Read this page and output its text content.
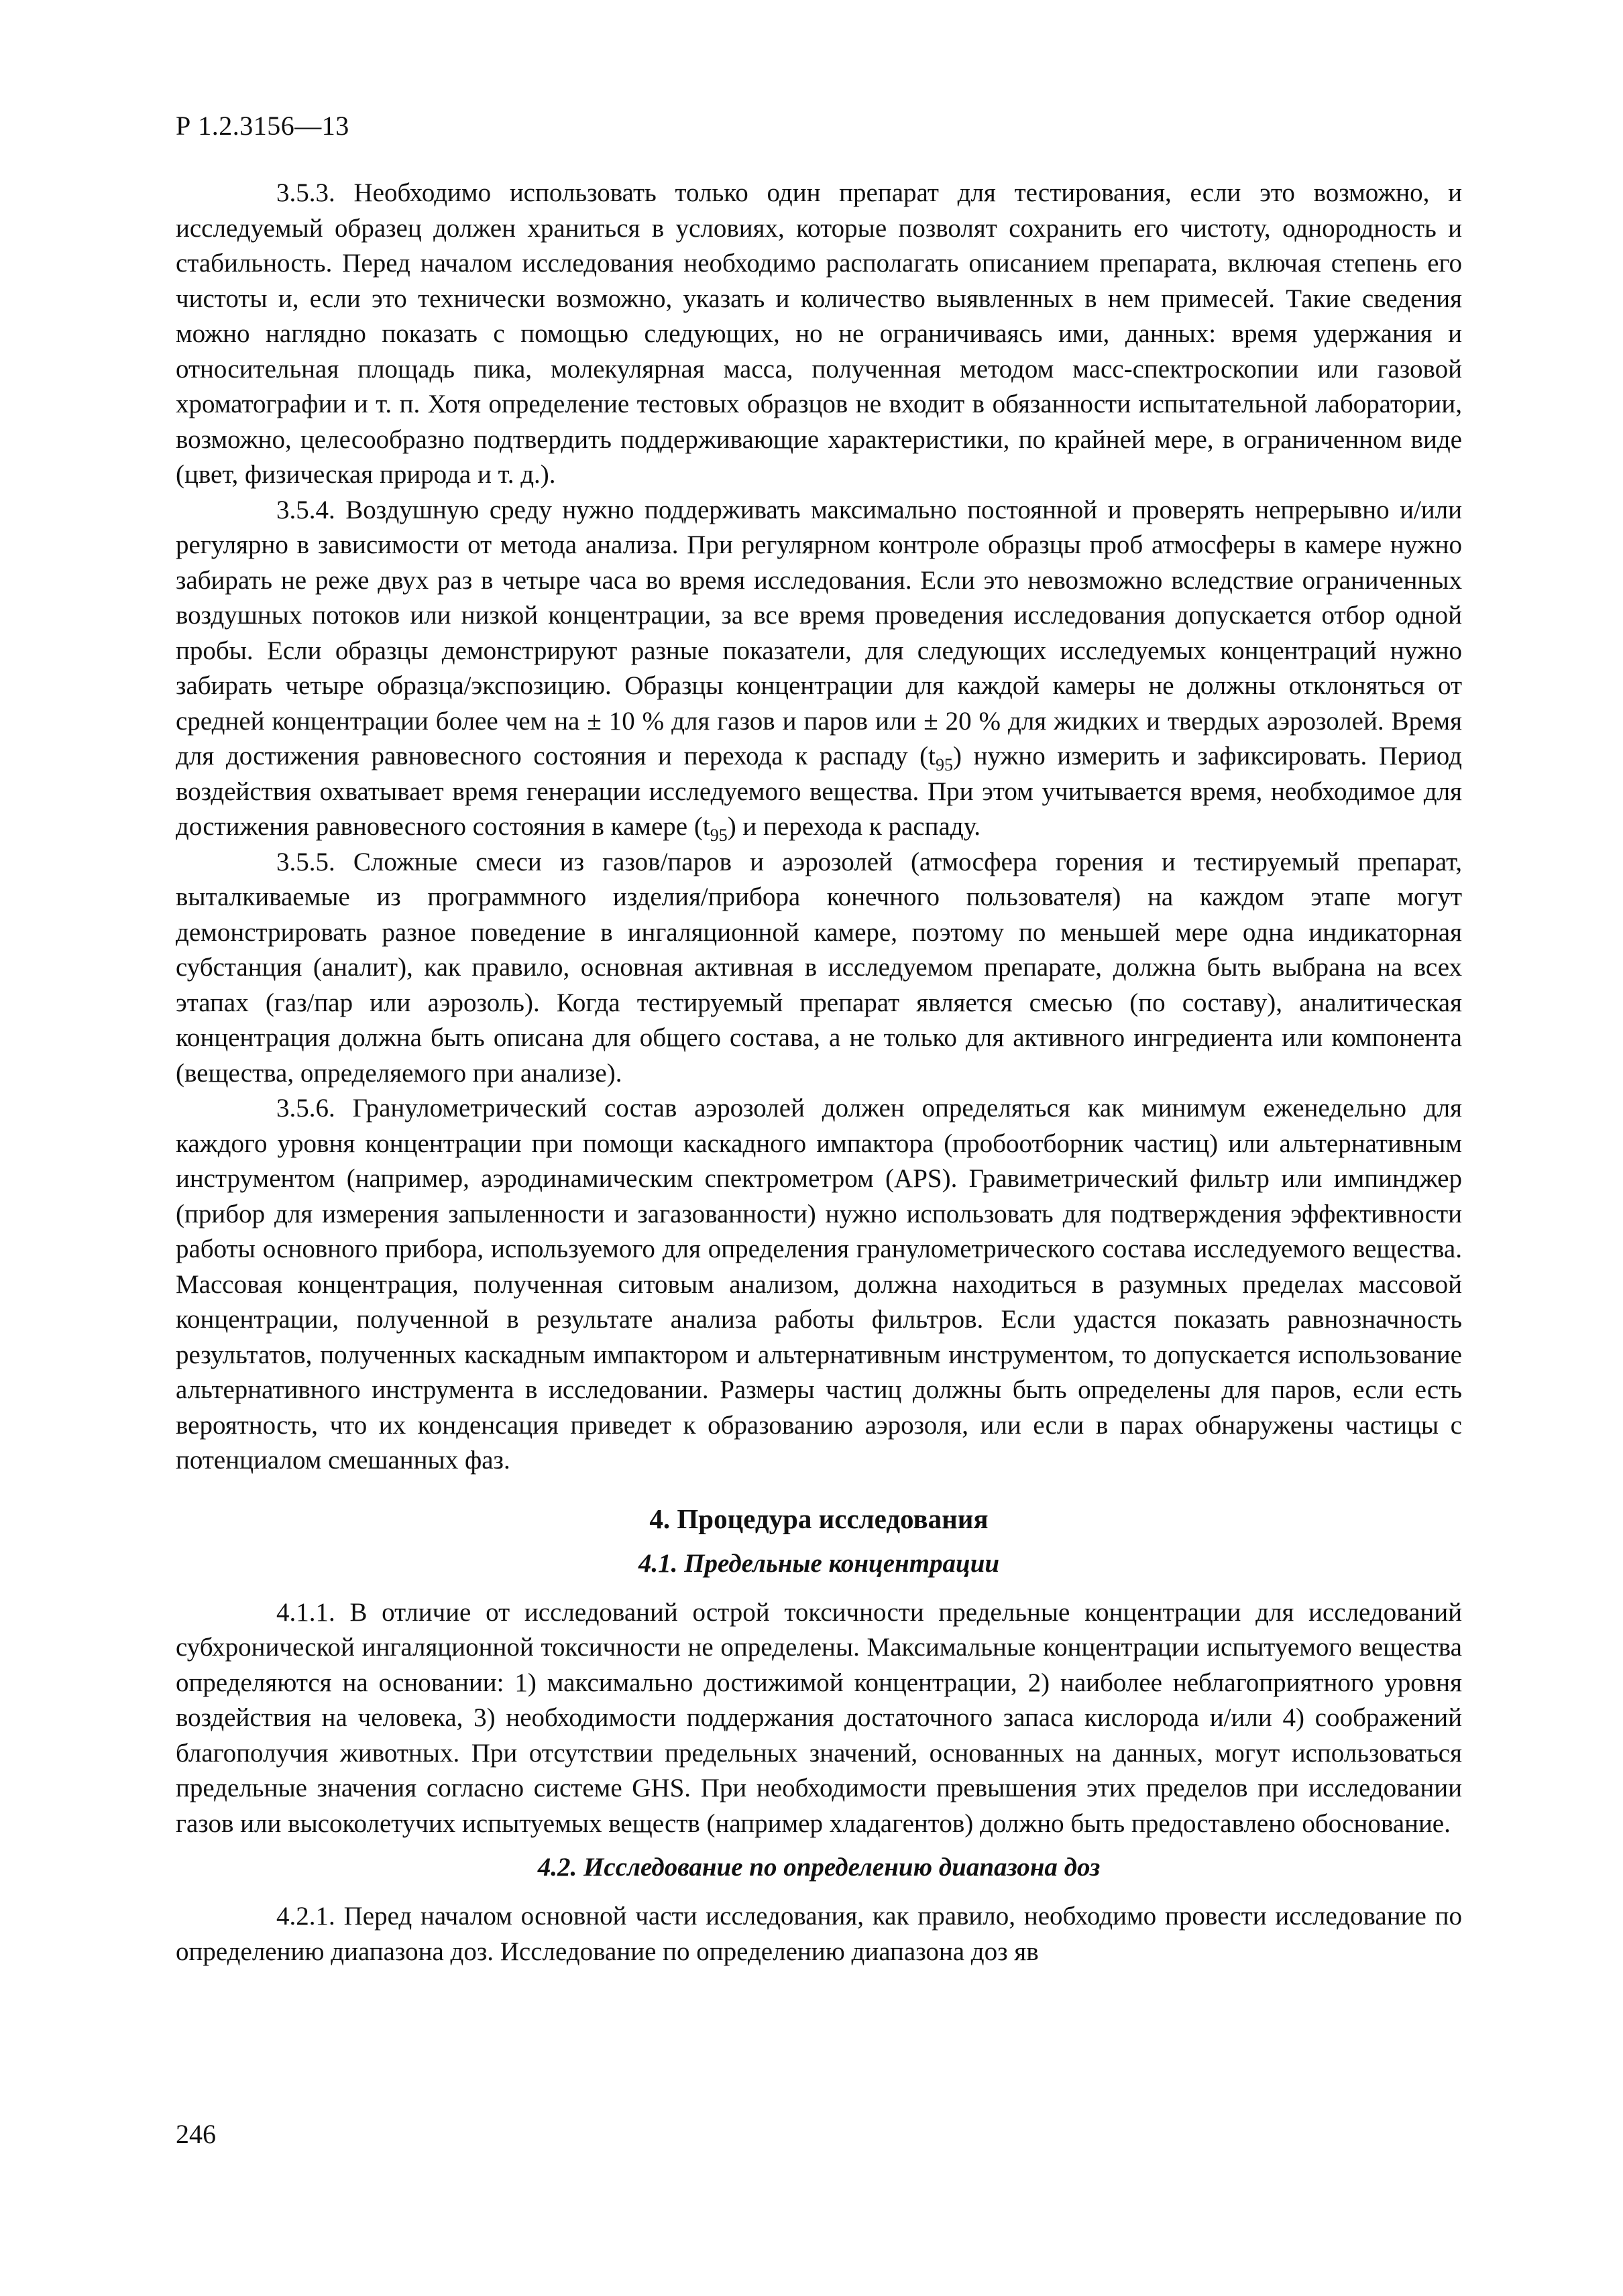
Р 1.2.3156—13

3.5.3. Необходимо использовать только один препарат для тестирования, если это возможно, и исследуемый образец должен храниться в условиях, которые позволят сохранить его чистоту, однородность и стабильность. Перед началом исследования необходимо располагать описанием препарата, включая степень его чистоты и, если это технически возможно, указать и количество выявленных в нем примесей. Такие сведения можно наглядно показать с помощью следующих, но не ограничиваясь ими, данных: время удержания и относительная площадь пика, молекулярная масса, полученная методом масс-спектроскопии или газовой хроматографии и т. п. Хотя определение тестовых образцов не входит в обязанности испытательной лаборатории, возможно, целесообразно подтвердить поддерживающие характеристики, по крайней мере, в ограниченном виде (цвет, физическая природа и т. д.).

3.5.4. Воздушную среду нужно поддерживать максимально постоянной и проверять непрерывно и/или регулярно в зависимости от метода анализа. При регулярном контроле образцы проб атмосферы в камере нужно забирать не реже двух раз в четыре часа во время исследования. Если это невозможно вследствие ограниченных воздушных потоков или низкой концентрации, за все время проведения исследования допускается отбор одной пробы. Если образцы демонстрируют разные показатели, для следующих исследуемых концентраций нужно забирать четыре образца/экспозицию. Образцы концентрации для каждой камеры не должны отклоняться от средней концентрации более чем на ± 10 % для газов и паров или ± 20 % для жидких и твердых аэрозолей. Время для достижения равновесного состояния и перехода к распаду $(t_{95})$ нужно измерить и зафиксировать. Период воздействия охватывает время генерации исследуемого вещества. При этом учитывается время, необходимое для достижения равновесного состояния в камере $(t_{95})$ и перехода к распаду.

3.5.5. Сложные смеси из газов/паров и аэрозолей (атмосфера горения и тестируемый препарат, выталкиваемые из программного изделия/прибора конечного пользователя) на каждом этапе могут демонстрировать разное поведение в ингаляционной камере, поэтому по меньшей мере одна индикаторная субстанция (аналит), как правило, основная активная в исследуемом препарате, должна быть выбрана на всех этапах (газ/пар или аэрозоль). Когда тестируемый препарат является смесью (по составу), аналитическая концентрация должна быть описана для общего состава, а не только для активного ингредиента или компонента (вещества, определяемого при анализе).

3.5.6. Гранулометрический состав аэрозолей должен определяться как минимум еженедельно для каждого уровня концентрации при помощи каскадного импактора (пробоотборник частиц) или альтернативным инструментом (например, аэродинамическим спектрометром (APS). Гравиметрический фильтр или импинджер (прибор для измерения запыленности и загазованности) нужно использовать для подтверждения эффективности работы основного прибора, используемого для определения гранулометрического состава исследуемого вещества. Массовая концентрация, полученная ситовым анализом, должна находиться в разумных пределах массовой концентрации, полученной в результате анализа работы фильтров. Если удастся показать равнозначность результатов, полученных каскадным импактором и альтернативным инструментом, то допускается использование альтернативного инструмента в исследовании. Размеры частиц должны быть определены для паров, если есть вероятность, что их конденсация приведет к образованию аэрозоля, или если в парах обнаружены частицы с потенциалом смешанных фаз.

4. Процедура исследования
4.1. Предельные концентрации

4.1.1. В отличие от исследований острой токсичности предельные концентрации для исследований субхронической ингаляционной токсичности не определены. Максимальные концентрации испытуемого вещества определяются на основании: 1) максимально достижимой концентрации, 2) наиболее неблагоприятного уровня воздействия на человека, 3) необходимости поддержания достаточного запаса кислорода и/или 4) соображений благополучия животных. При отсутствии предельных значений, основанных на данных, могут использоваться предельные значения согласно системе GHS. При необходимости превышения этих пределов при исследовании газов или высоколетучих испытуемых веществ (например хладагентов) должно быть предоставлено обоснование.

4.2. Исследование по определению диапазона доз

4.2.1. Перед началом основной части исследования, как правило, необходимо провести исследование по определению диапазона доз. Исследование по определению диапазона доз яв

246
